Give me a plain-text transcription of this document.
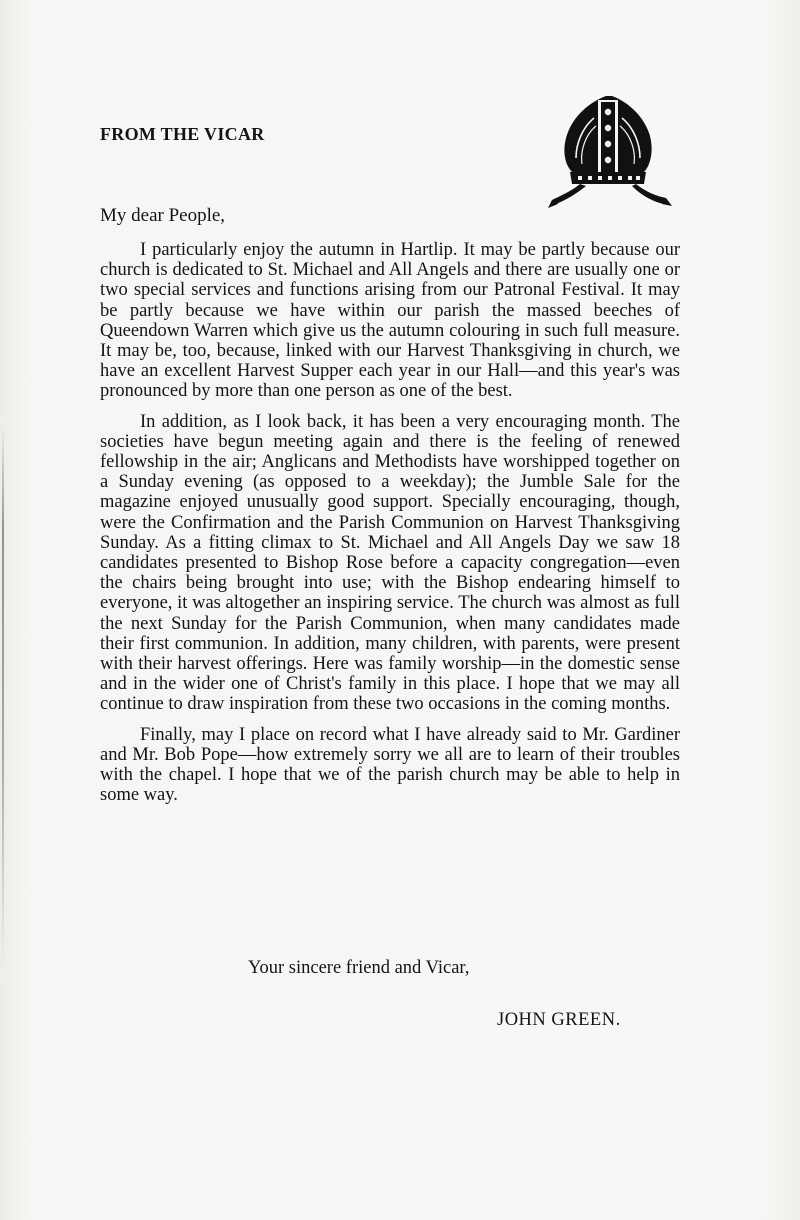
FROM THE VICAR

My dear People,

I particularly enjoy the autumn in Hartlip. It may be partly because our church is dedicated to St. Michael and All Angels and there are usually one or two special services and functions arising from our Patronal Festival. It may be partly because we have within our parish the massed beeches of Queendown Warren which give us the autumn colouring in such full measure. It may be, too, because, linked with our Harvest Thanksgiving in church, we have an excellent Harvest Supper each year in our Hall—and this year's was pronounced by more than one person as one of the best.

In addition, as I look back, it has been a very encouraging month. The societies have begun meeting again and there is the feeling of renewed fellowship in the air; Anglicans and Methodists have worshipped together on a Sunday evening (as opposed to a weekday); the Jumble Sale for the magazine enjoyed unusually good support. Specially encouraging, though, were the Confirmation and the Parish Communion on Harvest Thanksgiving Sunday. As a fitting climax to St. Michael and All Angels Day we saw 18 candidates presented to Bishop Rose before a capacity congregation—even the chairs being brought into use; with the Bishop endearing himself to everyone, it was altogether an inspiring service. The church was almost as full the next Sunday for the Parish Communion, when many candidates made their first communion. In addition, many children, with parents, were present with their harvest offerings. Here was family worship—in the domestic sense and in the wider one of Christ's family in this place. I hope that we may all continue to draw inspiration from these two occasions in the coming months.

Finally, may I place on record what I have already said to Mr. Gardiner and Mr. Bob Pope—how extremely sorry we all are to learn of their troubles with the chapel. I hope that we of the parish church may be able to help in some way.

Your sincere friend and Vicar,

JOHN GREEN.
